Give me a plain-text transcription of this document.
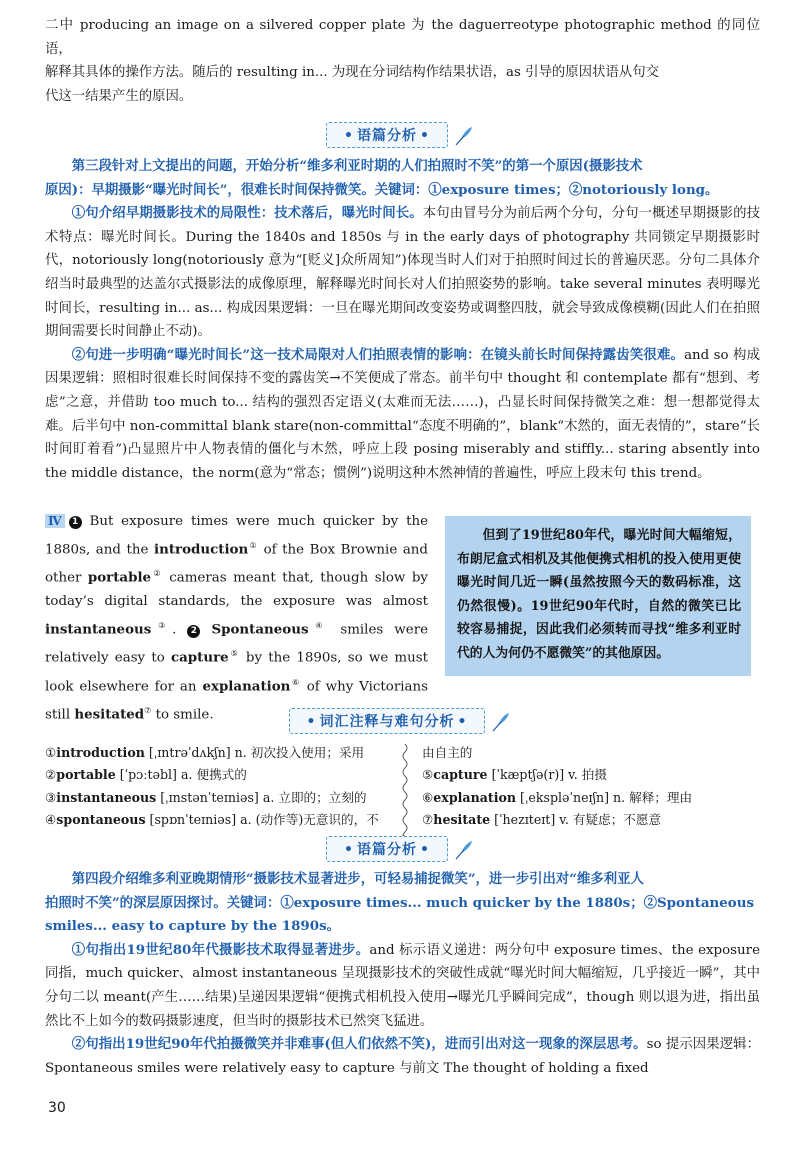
二中 producing an image on a silvered copper plate 为 the daguerreotype photographic method 的同位语，
解释其具体的操作方法。随后的 resulting in... 为现在分词结构作结果状语，as 引导的原因状语从句交
代这一结果产生的原因。
• 语篇分析 •
第三段针对上文提出的问题，开始分析“维多利亚时期的人们拍照时不笑”的第一个原因(摄影技术
原因)：早期摄影“曝光时间长”，很难长时间保持微笑。关键词：①exposure times；②notoriously long。
①句介绍早期摄影技术的局限性：技术落后，曝光时间长。本句由冒号分为前后两个分句，分句一概述早期摄影的技术特点：曝光时间长。During the 1840s and 1850s 与 in the early days of photography 共同锁定早期摄影时代，notoriously long(notoriously 意为“[贬义]众所周知”)体现当时人们对于拍照时间过长的普遍厌恶。分句二具体介绍当时最典型的达盖尔式摄影法的成像原理，解释曝光时间长对人们拍照姿势的影响。take several minutes 表明曝光时间长，resulting in... as... 构成因果逻辑：一旦在曝光期间改变姿势或调整四肢，就会导致成像模糊(因此人们在拍照期间需要长时间静止不动)。
②句进一步明确“曝光时间长”这一技术局限对人们拍照表情的影响：在镜头前长时间保持露齿笑很难。and so 构成因果逻辑：照相时很难长时间保持不变的露齿笑→不笑便成了常态。前半句中 thought 和 contemplate 都有“想到、考虑”之意，并借助 too much to... 结构的强烈否定语义(太难而无法……)，凸显长时间保持微笑之难：想一想都觉得太难。后半句中 non-committal blank stare(non-committal“态度不明确的”，blank“木然的，面无表情的”，stare“长时间盯着看”)凸显照片中人物表情的僵化与木然，呼应上段 posing miserably and stiffly... staring absently into the middle distance，the norm(意为“常态；惯例”)说明这种木然神情的普遍性，呼应上段末句 this trend。
Ⅳ 1 But exposure times were much quicker by the 1880s, and the introduction① of the Box Brownie and other portable② cameras meant that, though slow by today’s digital standards, the exposure was almost instantaneous③. 2 Spontaneous④ smiles were relatively easy to capture⑤ by the 1890s, so we must look elsewhere for an explanation⑥ of why Victorians still hesitated⑦ to smile.
但到了19世纪80年代，曝光时间大幅缩短，布朗尼盒式相机及其他便携式相机的投入使用更使曝光时间几近一瞬(虽然按照今天的数码标准，这仍然很慢)。19世纪90年代时，自然的微笑已比较容易捕捉，因此我们必须转而寻找“维多利亚时代的人为何仍不愿微笑”的其他原因。
• 词汇注释与难句分析 •
①introduction [ˌɪntrəˈdʌkʃn] n. 初次投入使用；采用
②portable [ˈpɔːtəbl] a. 便携式的
③instantaneous [ˌɪnstənˈteɪniəs] a. 立即的；立刻的
④spontaneous [spɒnˈteɪniəs] a. (动作等)无意识的，不
由自主的
⑤capture [ˈkæptʃə(r)] v. 拍摄
⑥explanation [ˌekspləˈneɪʃn] n. 解释；理由
⑦hesitate [ˈhezɪteɪt] v. 有疑虑；不愿意
• 语篇分析 •
第四段介绍维多利亚晚期情形“摄影技术显著进步，可轻易捕捉微笑”，进一步引出对“维多利亚人
拍照时不笑”的深层原因探讨。关键词：①exposure times... much quicker by the 1880s；②Spontaneous
smiles... easy to capture by the 1890s。
①句指出19世纪80年代摄影技术取得显著进步。and 标示语义递进：两分句中 exposure times、the exposure 同指，much quicker、almost instantaneous 呈现摄影技术的突破性成就“曝光时间大幅缩短，几乎接近一瞬”，其中分句二以 meant(产生……结果)呈递因果逻辑“便携式相机投入使用→曝光几乎瞬间完成”，though 则以退为进，指出虽然比不上如今的数码摄影速度，但当时的摄影技术已然突飞猛进。
②句指出19世纪90年代拍摄微笑并非难事(但人们依然不笑)，进而引出对这一现象的深层思考。so 提示因果逻辑：Spontaneous smiles were relatively easy to capture 与前文 The thought of holding a fixed
30
